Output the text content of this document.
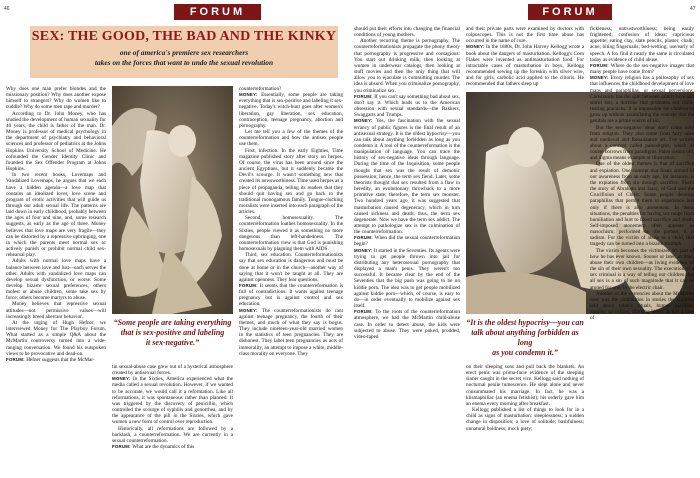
46	FORUM
SEX: THE GOOD, THE BAD AND THE KINKY
one of america's premiere sex researchers
takes on the forces that want to undo the sexual revolution

Why does one man prefer blondes and the missionary position? Why does another expose himself to strangers? Why do women like to cuddle? Why do some men rape and murder?

According to Dr. John Money, who has studied the development of human sexuality for 40 years, the child is father of the man. Dr. Money is professor of medical psychology in the department of psychiatry and behavioral sciences and professor of pediatrics at the Johns Hopkins University School of Medicine. He cofounded the Gender Identity Clinic and founded the Sex Offender Program at Johns Hopkins.

In two recent books, Lovemaps and Vandalized Lovemaps, he argues that we each have a hidden agenda—a love map that contains an idealized lover, love scene and program of erotic activities that will guide us through our adult sexual life. The patterns are laid down in early childhood, probably between the ages of four and nine, and, some research suggests, as early as the age of three. Money believes that love maps are very fragile—they can be distorted by a repressive upbringing, one in which the parents meet normal sex or actively punish or prohibit normal child sex-rehearsal play.

Adults with normal love maps have a balance between love and lust—each serves the other. Adults with vandalized love maps can develop sexual dysfunction, or worse. Some develop bizarre sexual preferences, others molest or abuse children, some take sex by force; others become martyrs to abuse.

Money believes that repressive sexual attitudes—not permissive values—will increasingly breed aberrant behavior.

At the urging of Hugh Hefner, we interviewed Money for The Playboy Forum. What started as a simple Q&A about the McMartin controversy turned into a wide-ranging conversation. We found his outspoken views to be provocative and dead-on.

FORUM: Hefner suggests that the McMar-

“Some people are taking everything
that is sex-positive and labeling
it sex-negative.”

tin sexual-abuse case grew out of a hysterical atmosphere created by antisexual forces.

MONEY: In the Sixties, America experienced what the media called a sexual revolution. However, if we wanted to be accurate, we would call it a reformation. Like all reformations, it was spontaneous rather than planned. It was triggered by the discovery of penicillin, which controlled the scourge of syphilis and gonorrhea, and by the appearance of the pill in the Sixties, which gave women a new form of control over reproduction.

Historically, all reformations are followed by a backlash, a counterreformation. We are currently in a sexual counterreformation.

FORUM: What are the dynamics of this

counterreformation?

MONEY: Essentially, some people are taking everything that is sex-positive and labeling it sex-negative. Today's witch-hunt goes after women's liberation, gay liberation, sex education, contraception, teenage pregnancy, abortion and pornography.

Let me tell you a few of the themes of the counterreformation and how the antisex people use them.

First, infection. In the early Eighties, Time magazine published story after story on herpes. Of course, the virus has been around since the ancient Egyptians, but it suddenly became the Devil's scourge. It wasn't something new that created its newsworthiness. Time used herpes as a piece of propaganda, telling its readers that they should quit having sex and go back to the traditional monogamous family. Tongue-clucking moralists were inserted into each paragraph of the articles.

Second, homosexuality. The counterreformation loathes homosexuality. In the Sixties, people viewed it as something no more dangerous than left-handedness. The counterreformation view is that God is punishing homosexuals by plaguing them with AIDS.

Third, sex education. Counterreformationists say that sex education is dangerous and must be done at home or in the church—another way of saying that it won't be taught at all. They are against openness. They fear questions.

FORUM: It seems that the counterreformation is full of contradictions. It wants against teenage pregnancy but is against control and sex education.

MONEY: The counterreformationists do rant against teenage pregnancy, the fourth of their themes, and much of what they say is bogus. They include nineteen-year-old married women in the statistics of teen pregnancies. They are dishonest. They label teen pregnancies as acts of immorality, an attempt to impose a white, middle-class morality on everyone. They

47
FORUM

should put their efforts into changing the financial conditions of young mothers.

Another recurring theme is pornography. The counterreformationists propagate the phony theory that pornography is progressive and contagious: You start out drinking milk, then looking at women in underwear catalogs, then looking at stuff movies and then the only thing that will allow you to ejaculate is committing murder. The idea is absurd. When you criminalize pornography, you criminalize sex.

FORUM: If you can't say something bad about sex, don't say it. Which leads us to the American obsession with sexual standards—the Bakkers, Swaggarts and Trumps.

MONEY: Yes, the fascination with the sexual errancy of public figures is the final result of an antisexual strategy. It is the oldest hypocrisy—you can talk about anything forbidden as long as you condemn it. A tool of the counterreformation is the manipulation of language. You can trace the history of sex-negative ideas through language. During the time of the Inquisition, some people thought that sex was the result of demonic possession; hence, the term sex fiend. Later, some theorists thought that sex resulted from a flaw in heredity, an evolutionary throwback to a more primitive state; therefore, the term sex monster. Two hundred years ago, it was suggested that masturbation caused degeneracy, which in turn caused sickness and death; thus, the term sex degenerate. Now we have the term sex addict. The attempt to pathologize sex is the culmination of the counterreformation.

FORUM: When did the sexual counterreformation begin?

MONEY: It started in the Seventies. Its agents were trying to get people thrown into jail for distributing any heterosexual pornography that displayed a man's penis. They weren't too successful. It became clear by the end of the Seventies that the big push was going to be on kiddie porn. The idea was to get people mobilized against kiddie porn—which, of course, is easy to do—in order eventually to mobilize against sex itself.

FORUM: To the roots of the counterreformation atmosphere, we had the McMartin child-abuse case. In order to detect abuse, the kids were subjected to abuse. They were poked, prodded, video-taped

and their private parts were examined by doctors with colposcopes. This is not the first time abuse has occurred in the name of cure.

MONEY: In the 1880s, Dr. John Harvey Kellogg wrote a book about the dangers of masturbation. Kellogg's Corn Flakes were invented as antimasturbation food. For intractable cases of masturbation in boys, Kellogg recommended sewing up the foreskin with silver wire, and for girls, carbolic acid applied to the clitoris. He recommended that fathers sleep up

“It is the oldest hypocrisy—you can
talk about anything forbidden as long
as you condemn it.”

on their sleeping sons and pull back the blankets. An erect penis was prima-facie evidence of the sleeping sinner caught in the secret vice. Kellogg said nothing of nocturnal penile tumescence. He slept alone and never consummated his marriage. In fact, he was a klismaphiliac (an enema fetishist); his orderly gave him an enema every morning after breakfast.

Kellogg published a list of things to look for in a child as signs of masturbation: sleeplessness; a sudden change in disposition; a love of solitude; bashfulness; unnatural boldness; mock piety;

fickleness; untrustworthiness; being easily frightened; confusion of ideas; capricious appetite; eating clay, slate pencils, plaster, chalk; acne; biting fingernails; bed-wetting; use/early of speech. A fox find it nearly the same is circulated today as evidence of child abuse.

FORUM: Where do the sex-negative images that many people have come from?

MONEY: Every religion has a philosophy of sex that influences the childhood development of love maps and paraphilias, or sexual perversions. Christianity has the split between saintly love and sinful lust, a doctrine that promotes our child-rearing practices. It is impossible for children to grow up without assimilating the concept that the genitals are a prime source of sin.

But the sex-negative ideas don't come only from religion. They also come from fairy tales and medieval and Renaissance art. I've written about a concept called paleodigms, which of course borrows from paradigms. Paleo means old, and digma means example or illustration.

One of the oldest themes is that of sacrifice and expiation. One concept that floats around in our awareness from an early age, for instance, is the expiation from sin through sacrifice. That's the story of Abraham and Isaac, of God and the Crucifixion of Christ. Some people develop paraphilias that permit them to experience lust only if there is also atonement. In these situations, the penalties for having sex range from humiliation and hurt to blood sacrifice and death. Self-imposed atonement often appears as masochism; performed on the partner, it is sadism. For the victim of abuse as a child, that tragedy can be turned into a bizarre triumph.

The victim becomes the victimizer. It's part of how he has ever known. Sooner or later, in time, abuse their own children—as living evidence of the sin of their own sexuality. The execution of a sex criminal is a way of telling our children that all sex is a sin of such magnitude that it can be atoned for only in the electric chair.

Another of the currencies about the McMartin case was the similarities in stories the children told about satanic rituals, human sacrifice, digging up coffins, drinking blood. Is this a case of
